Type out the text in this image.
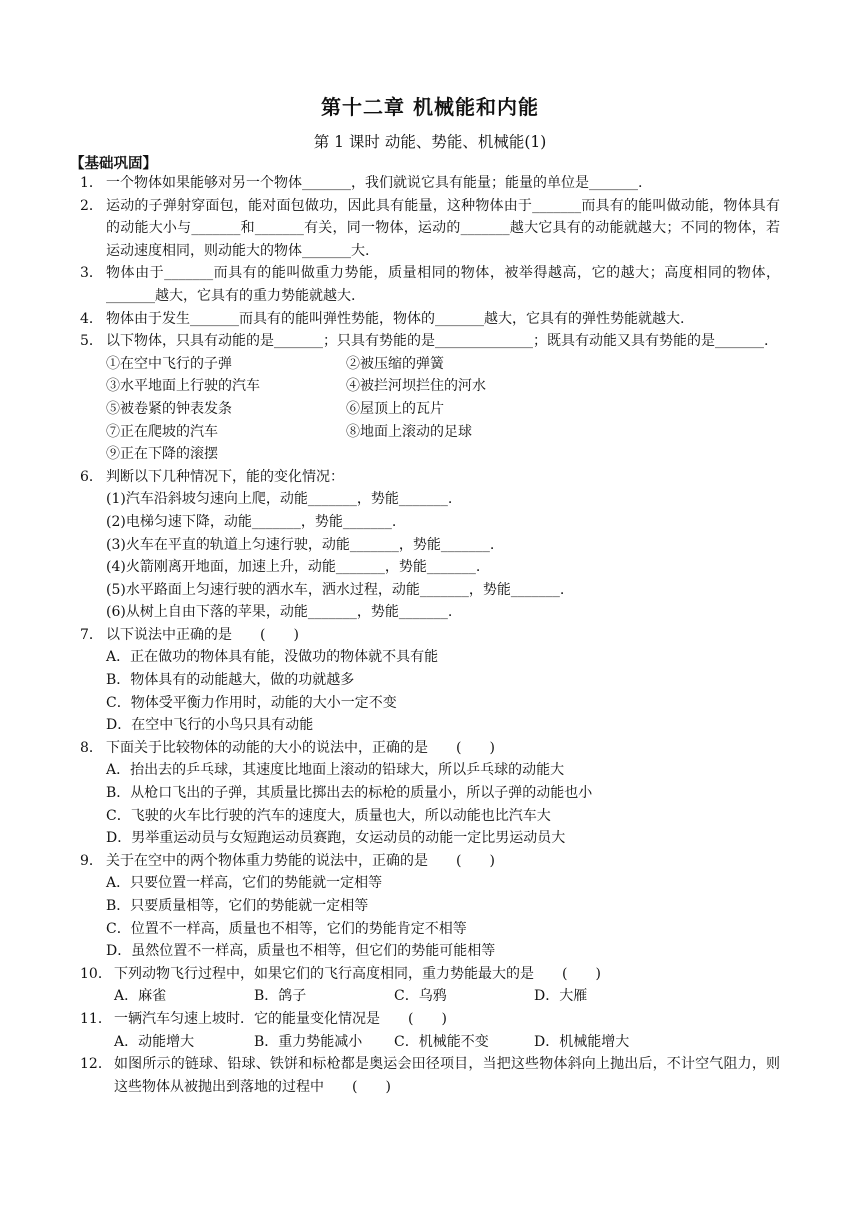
第十二章 机械能和内能
第 1 课时 动能、势能、机械能(1)
【基础巩固】
1． 一个物体如果能够对另一个物体_______，我们就说它具有能量；能量的单位是_______.
2． 运动的子弹射穿面包，能对面包做功，因此具有能量，这种物体由于_______而具有的能叫做动能，物体具有的动能大小与_______和_______有关，同一物体，运动的_______越大它具有的动能就越大；不同的物体，若运动速度相同，则动能大的物体_______大.
3． 物体由于_______而具有的能叫做重力势能，质量相同的物体，被举得越高，它的越大；高度相同的物体，_______越大，它具有的重力势能就越大.
4． 物体由于发生_______而具有的能叫弹性势能，物体的_______越大，它具有的弹性势能就越大.
5． 以下物体，只具有动能的是_______；只具有势能的是______________；既具有动能又具有势能的是_______.
①在空中飞行的子弹	②被压缩的弹簧
③水平地面上行驶的汽车	④被拦河坝拦住的河水
⑤被卷紧的钟表发条	⑥屋顶上的瓦片
⑦正在爬坡的汽车	⑧地面上滚动的足球
⑨正在下降的滚摆
6． 判断以下几种情况下，能的变化情况：
(1)汽车沿斜坡匀速向上爬，动能_______，势能_______.
(2)电梯匀速下降，动能_______，势能_______.
(3)火车在平直的轨道上匀速行驶，动能_______，势能_______.
(4)火箭刚离开地面，加速上升，动能_______，势能_______.
(5)水平路面上匀速行驶的洒水车，洒水过程，动能_______，势能_______.
(6)从树上自由下落的苹果，动能_______，势能_______.
7． 以下说法中正确的是　　(　　)
A．正在做功的物体具有能，没做功的物体就不具有能
B．物体具有的动能越大，做的功就越多
C．物体受平衡力作用时，动能的大小一定不变
D．在空中飞行的小鸟只具有动能
8． 下面关于比较物体的动能的大小的说法中，正确的是　　(　　)
A．抬出去的乒乓球，其速度比地面上滚动的铅球大，所以乒乓球的动能大
B．从枪口飞出的子弹，其质量比掷出去的标枪的质量小，所以子弹的动能也小
C．飞驶的火车比行驶的汽车的速度大，质量也大，所以动能也比汽车大
D．男举重运动员与女短跑运动员赛跑，女运动员的动能一定比男运动员大
9． 关于在空中的两个物体重力势能的说法中，正确的是　　(　　)
A．只要位置一样高，它们的势能就一定相等
B．只要质量相等，它们的势能就一定相等
C．位置不一样高，质量也不相等，它们的势能肯定不相等
D．虽然位置不一样高，质量也不相等，但它们的势能可能相等
10． 下列动物飞行过程中，如果它们的飞行高度相同，重力势能最大的是　　(　　)
A．麻雀	B．鸽子	C．乌鸦	D．大雁
11． 一辆汽车匀速上坡时．它的能量变化情况是　　(　　)
A．动能增大	B．重力势能减小	C．机械能不变	D．机械能增大
12． 如图所示的链球、铅球、铁饼和标枪都是奥运会田径项目，当把这些物体斜向上抛出后，不计空气阻力，则这些物体从被抛出到落地的过程中　　(　　)
